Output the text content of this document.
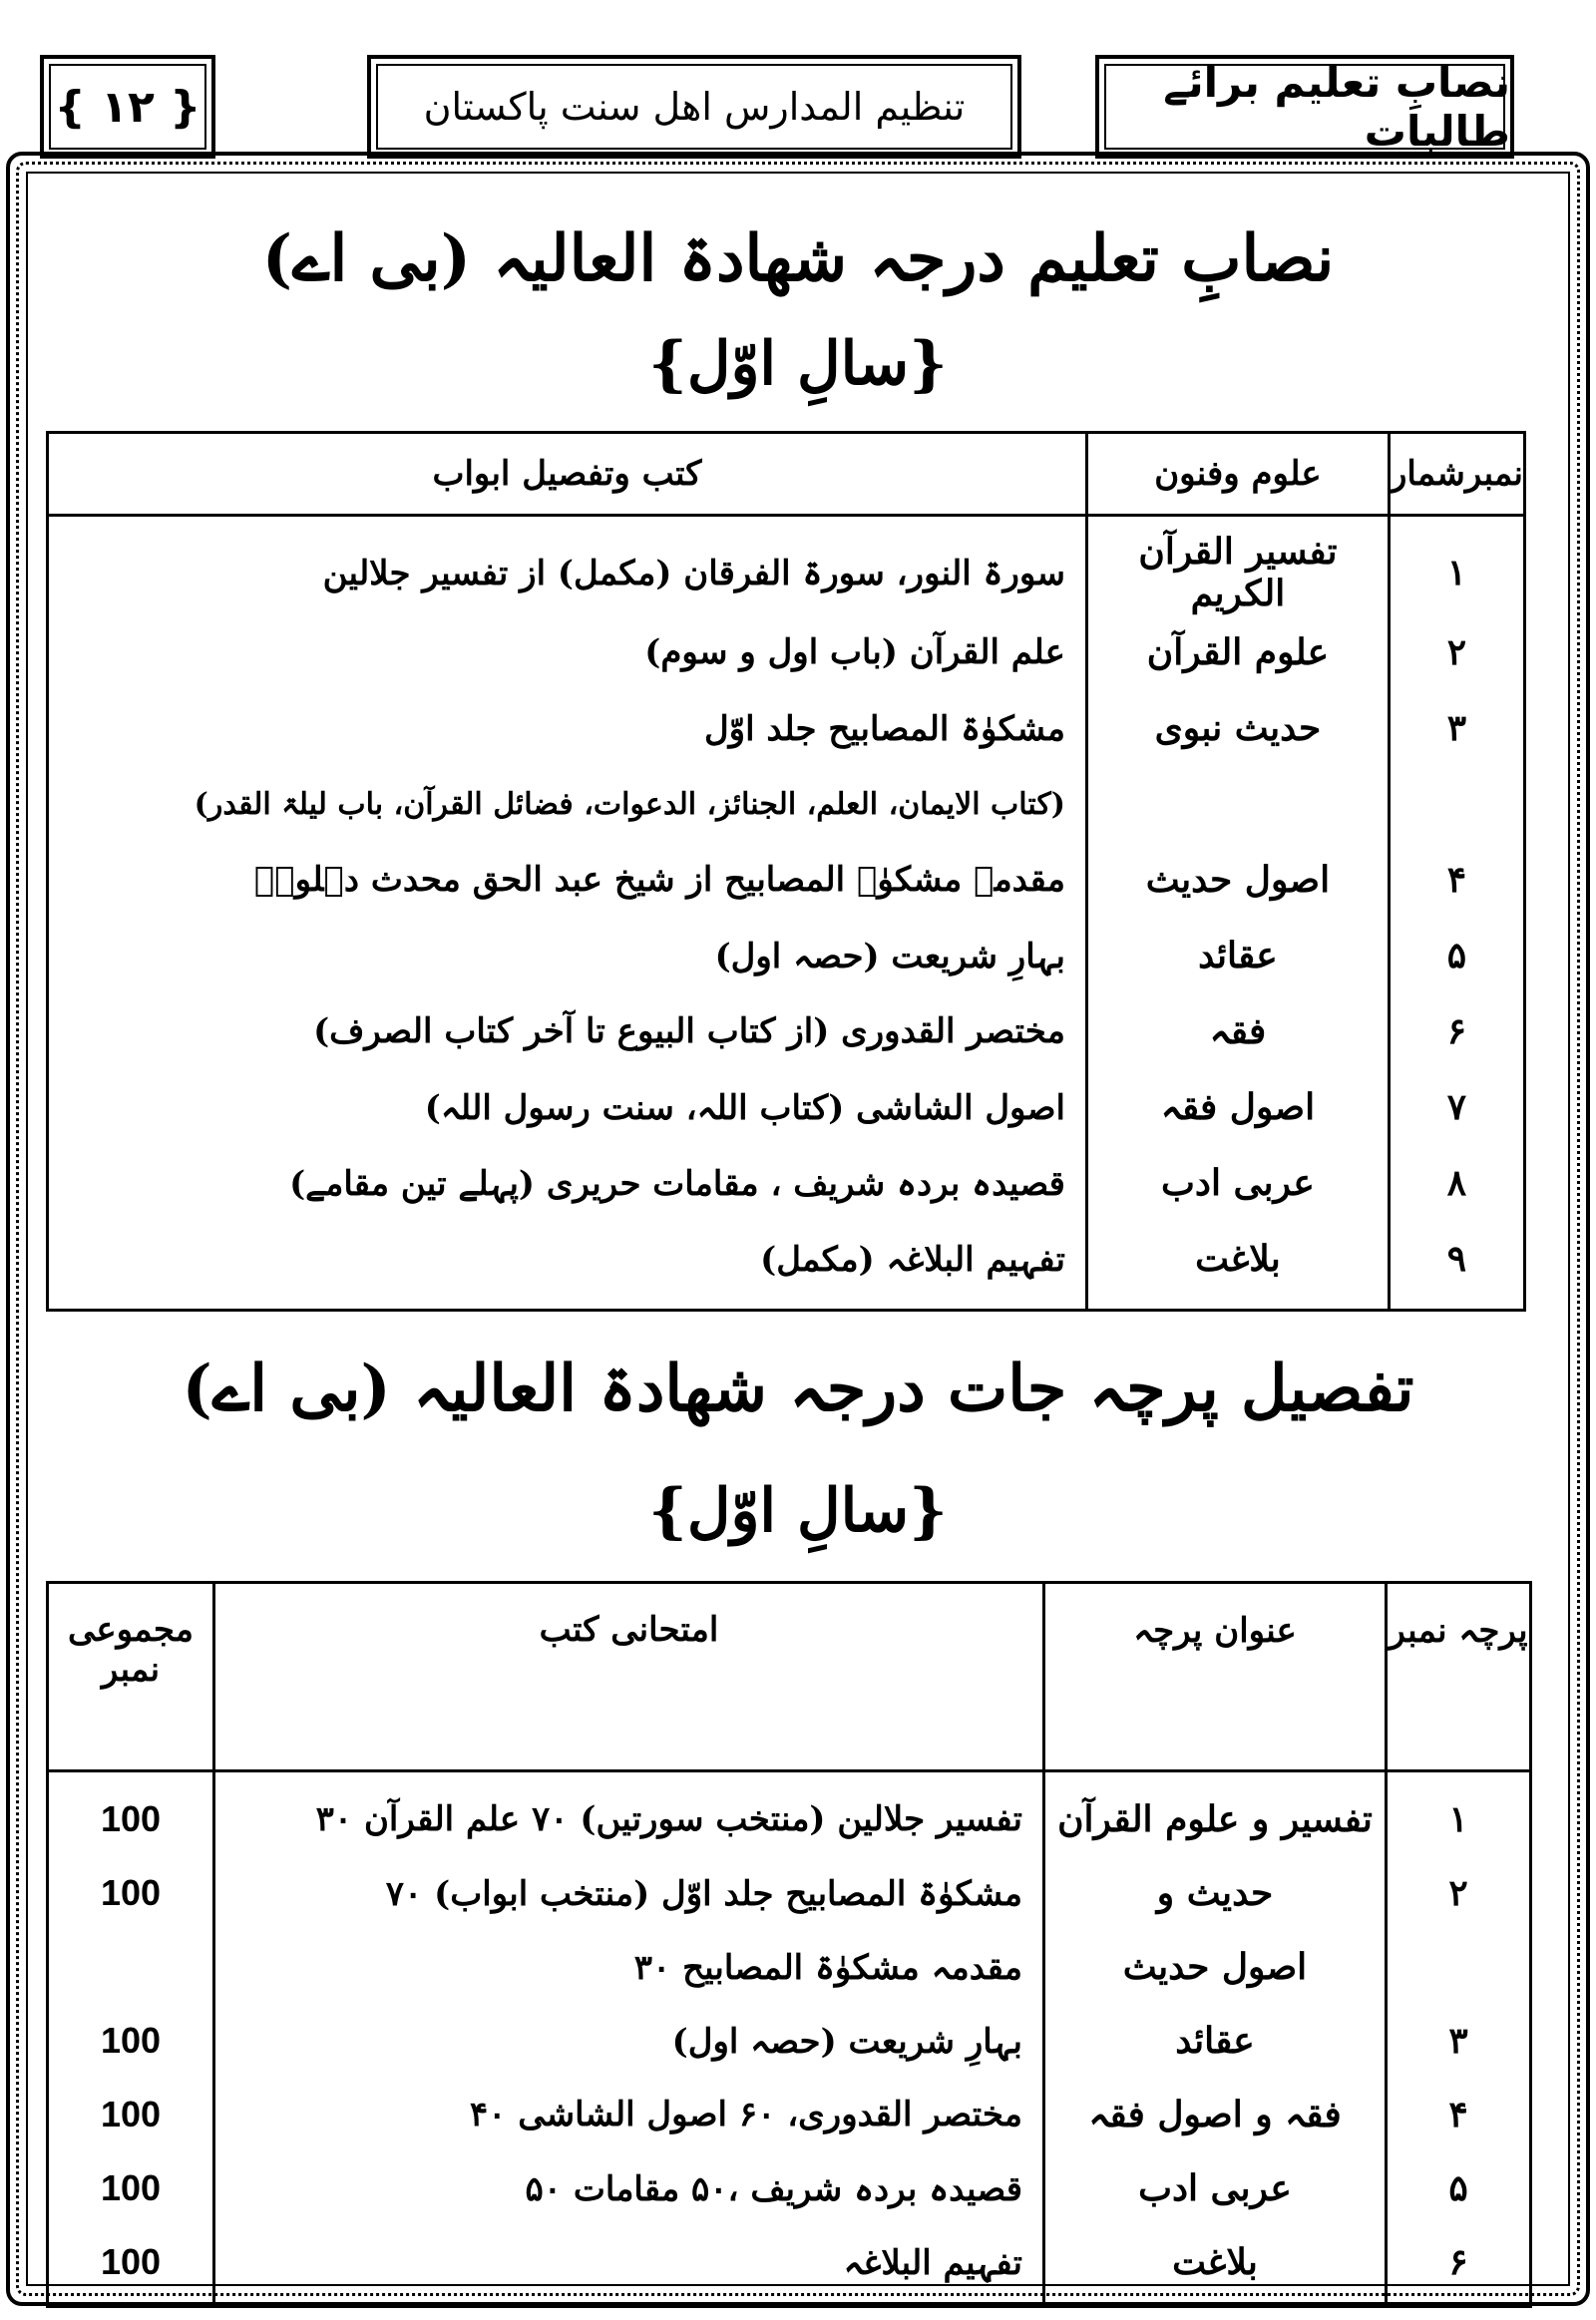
{ ۱۲ }	تنظیم المدارس اھل سنت پاکستان	نصابِ تعلیم برائے طالبات
نصابِ تعلیم درجہ شھادۃ العالیہ (بی اے)
{سالِ اوّل}
نمبرشمار	علوم وفنون	کتب وتفصیل ابواب
۱	تفسیر القرآن الکریم	سورۃ النور، سورۃ الفرقان (مکمل) از تفسیر جلالین
۲	علوم القرآن	علم القرآن (باب اول و سوم)
۳	حدیث نبوی	مشکوٰۃ المصابیح جلد اوّل
		(کتاب الایمان، العلم، الجنائز، الدعوات، فضائل القرآن، باب لیلۃ القدر)
۴	اصول حدیث	مقدمہ مشکوٰۃ المصابیح از شیخ عبد الحق محدث دہلویؒ
۵	عقائد	بہارِ شریعت (حصہ اول)
۶	فقہ	مختصر القدوری (از کتاب البیوع تا آخر کتاب الصرف)
۷	اصول فقہ	اصول الشاشی (کتاب اللہ، سنت رسول اللہ)
۸	عربی ادب	قصیدہ بردہ شریف ، مقامات حریری (پہلے تین مقامے)
۹	بلاغت	تفہیم البلاغہ (مکمل)
تفصیل پرچہ جات درجہ شھادۃ العالیہ (بی اے)
{سالِ اوّل}
پرچہ نمبر	عنوان پرچہ	امتحانی کتب	مجموعی نمبر
۱	تفسیر و علوم القرآن	تفسیر جلالین (منتخب سورتیں) ۷۰ علم القرآن ۳۰	100
۲	حدیث و	مشکوٰۃ المصابیح جلد اوّل (منتخب ابواب) ۷۰	100
	اصول حدیث	مقدمہ مشکوٰۃ المصابیح ۳۰	
۳	عقائد	بہارِ شریعت (حصہ اول)	100
۴	فقہ و اصول فقہ	مختصر القدوری، ۶۰ اصول الشاشی ۴۰	100
۵	عربی ادب	قصیدہ بردہ شریف ،۵۰ مقامات ۵۰	100
۶	بلاغت	تفہیم البلاغہ	100
